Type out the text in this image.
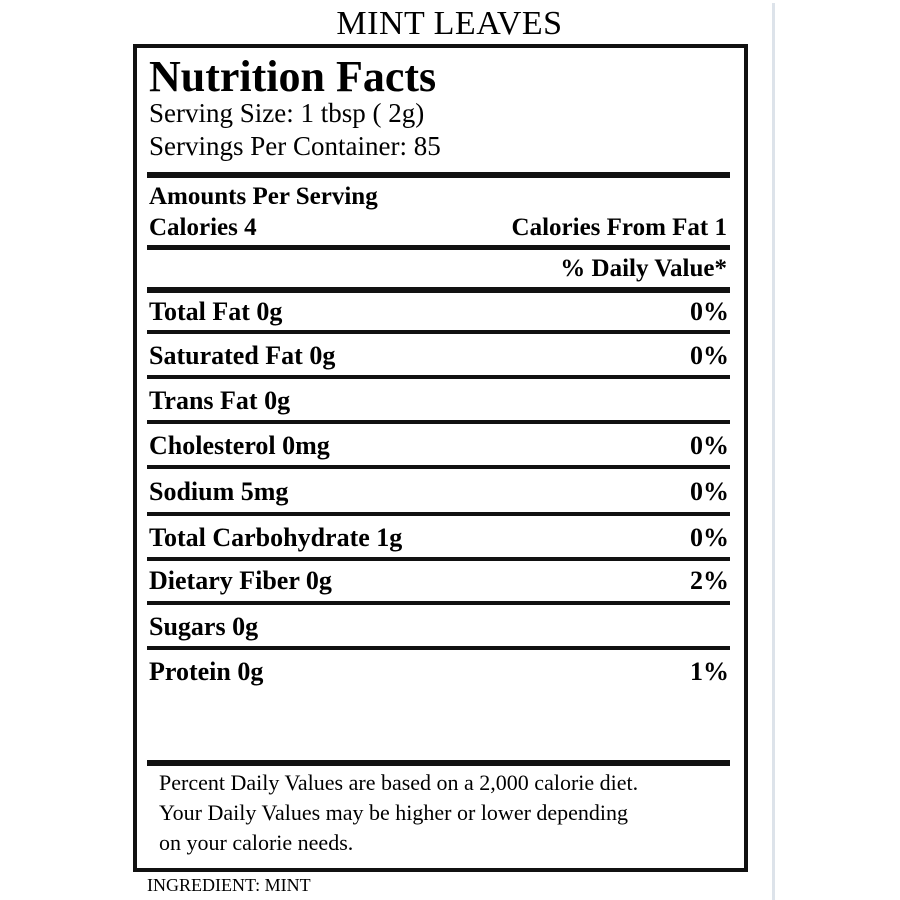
MINT LEAVES
Nutrition Facts
Serving Size: 1 tbsp ( 2g)
Servings Per Container: 85
Amounts Per Serving
Calories 4	Calories From Fat 1
% Daily Value*
Total Fat 0g	0%
Saturated Fat 0g	0%
Trans Fat 0g
Cholesterol 0mg	0%
Sodium 5mg	0%
Total Carbohydrate 1g	0%
Dietary Fiber 0g	2%
Sugars 0g
Protein 0g	1%
Percent Daily Values are based on a 2,000 calorie diet.
Your Daily Values may be higher or lower depending
on your calorie needs.
INGREDIENT: MINT
